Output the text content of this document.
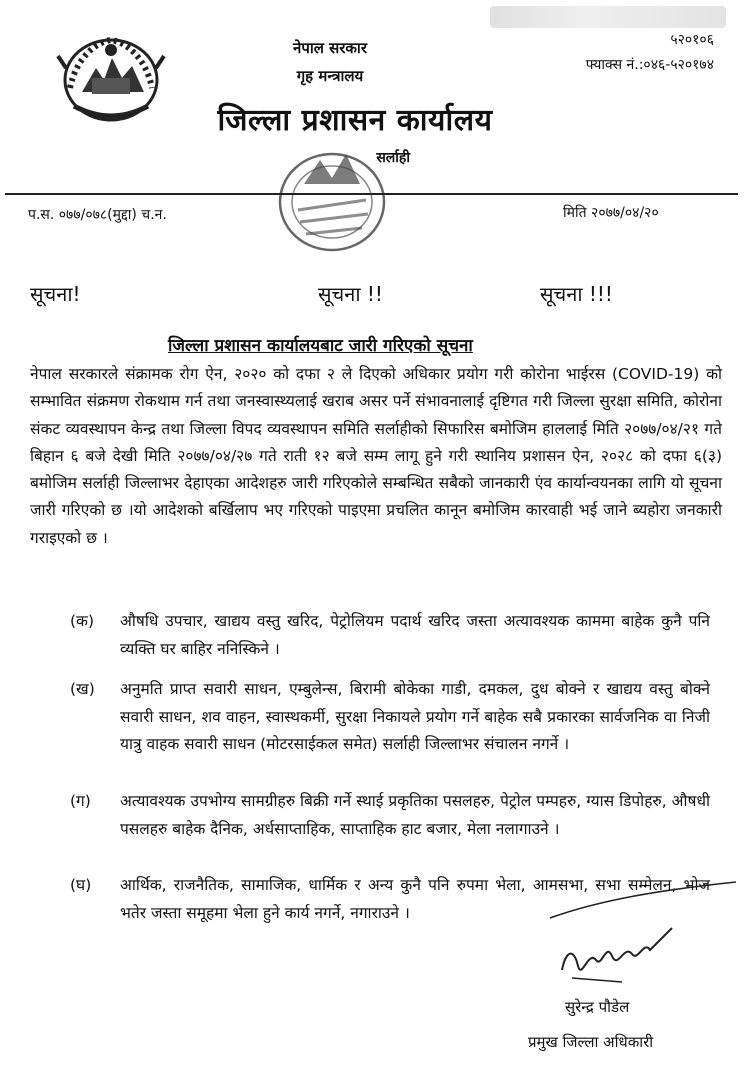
नेपाल सरकार
गृह मन्त्रालय
जिल्ला प्रशासन कार्यालय
सर्लाही
५२०१०६
फ्याक्स नं.:०४६-५२०१७४
प.स. ०७७/०७८(मुद्दा) च.न.	मिति २०७७/०४/२०
सूचना!	सूचना !!	सूचना !!!
जिल्ला प्रशासन कार्यालयबाट जारी गरिएको सूचना

नेपाल सरकारले संक्रामक रोग ऐन, २०२० को दफा २ ले दिएको अधिकार प्रयोग गरी कोरोना भाईरस (COVID-19) को सम्भावित संक्रमण रोकथाम गर्न तथा जनस्वास्थ्यलाई खराब असर पर्ने संभावनालाई दृष्टिगत गरी जिल्ला सुरक्षा समिति, कोरोना संकट व्यवस्थापन केन्द्र तथा जिल्ला विपद व्यवस्थापन समिति सर्लाहीको सिफारिस बमोजिम हाललाई मिति २०७७/०४/२१ गते बिहान ६ बजे देखी मिति २०७७/०४/२७ गते राती १२ बजे सम्म लागू हुने गरी स्थानिय प्रशासन ऐन, २०२८ को दफा ६(३) बमोजिम सर्लाही जिल्लाभर देहाएका आदेशहरु जारी गरिएकोले सम्बन्धित सबैको जानकारी एंव कार्यान्वयनका लागि यो सूचना जारी गरिएको छ ।यो आदेशको बर्खिलाप भए गरिएको पाइएमा प्रचलित कानून बमोजिम कारवाही भई जाने ब्यहोरा जनकारी गराइएको छ ।

(क) औषधि उपचार, खाद्यय वस्तु खरिद, पेट्रोलियम पदार्थ खरिद जस्ता अत्यावश्यक काममा बाहेक कुनै पनि व्यक्ति घर बाहिर ननिस्किने ।
(ख) अनुमति प्राप्त सवारी साधन, एम्बुलेन्स, बिरामी बोकेका गाडी, दमकल, दुध बोक्ने र खाद्यय वस्तु बोक्ने सवारी साधन, शव वाहन, स्वास्थकर्मी, सुरक्षा निकायले प्रयोग गर्ने बाहेक सबै प्रकारका सार्वजनिक वा निजी यात्रु वाहक सवारी साधन (मोटरसाईकल समेत) सर्लाही जिल्लाभर संचालन नगर्ने ।
(ग) अत्यावश्यक उपभोग्य सामग्रीहरु बिक्री गर्ने स्थाई प्रकृतिका पसलहरु, पेट्रोल पम्पहरु, ग्यास डिपोहरु, औषधी पसलहरु बाहेक दैनिक, अर्धसाप्ताहिक, साप्ताहिक हाट बजार, मेला नलागाउने ।
(घ) आर्थिक, राजनैतिक, सामाजिक, धार्मिक र अन्य कुनै पनि रुपमा भेला, आमसभा, सभा सम्मेलन, भोज भतेर जस्ता समूहमा भेला हुने कार्य नगर्ने, नगाराउने ।
सुरेन्द्र पौडेल
प्रमुख जिल्ला अधिकारी
